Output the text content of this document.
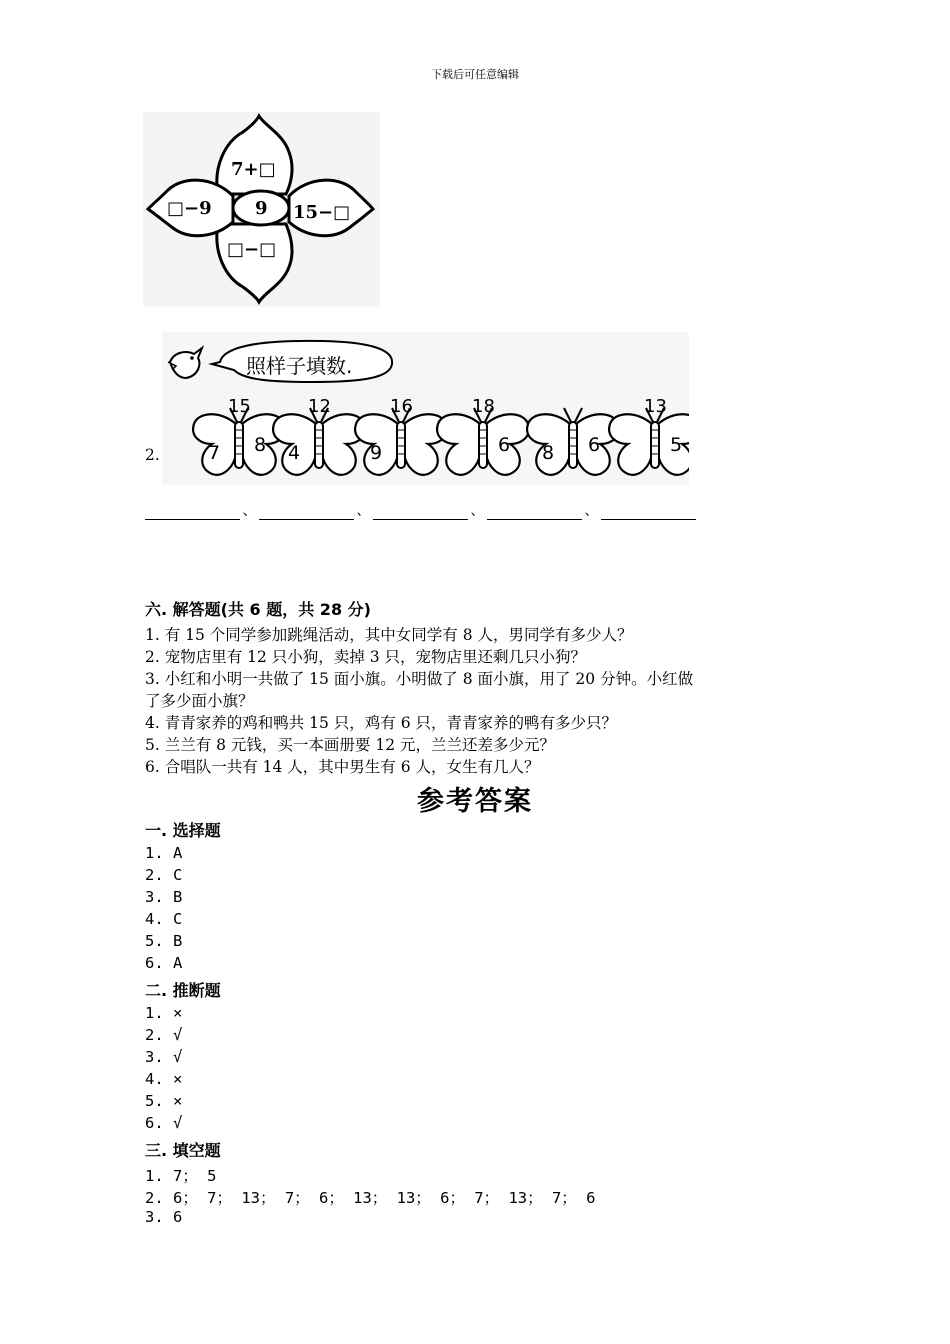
下载后可任意编辑
7+□
□−9 9 15−□
□−□
2.
照样子填数.
15
7 8
12
4
16
9
18
6 8 6
13
5
、	、	、	、
六. 解答题(共 6 题，共 28 分)
1. 有 15 个同学参加跳绳活动，其中女同学有 8 人，男同学有多少人？
2. 宠物店里有 12 只小狗，卖掉 3 只，宠物店里还剩几只小狗？
3. 小红和小明一共做了 15 面小旗。小明做了 8 面小旗，用了 20 分钟。小红做
了多少面小旗？
4. 青青家养的鸡和鸭共 15 只，鸡有 6 只，青青家养的鸭有多少只？
5. 兰兰有 8 元钱，买一本画册要 12 元，兰兰还差多少元？
6. 合唱队一共有 14 人，其中男生有 6 人，女生有几人？
参考答案
一. 选择题
1. A
2. C
3. B
4. C
5. B
6. A
二. 推断题
1. ×
2. √
3. √
4. ×
5. ×
6. √
三. 填空题
1. 7； 5
2. 6； 7； 13； 7； 6； 13； 13； 6； 7； 13； 7； 6
3. 6
